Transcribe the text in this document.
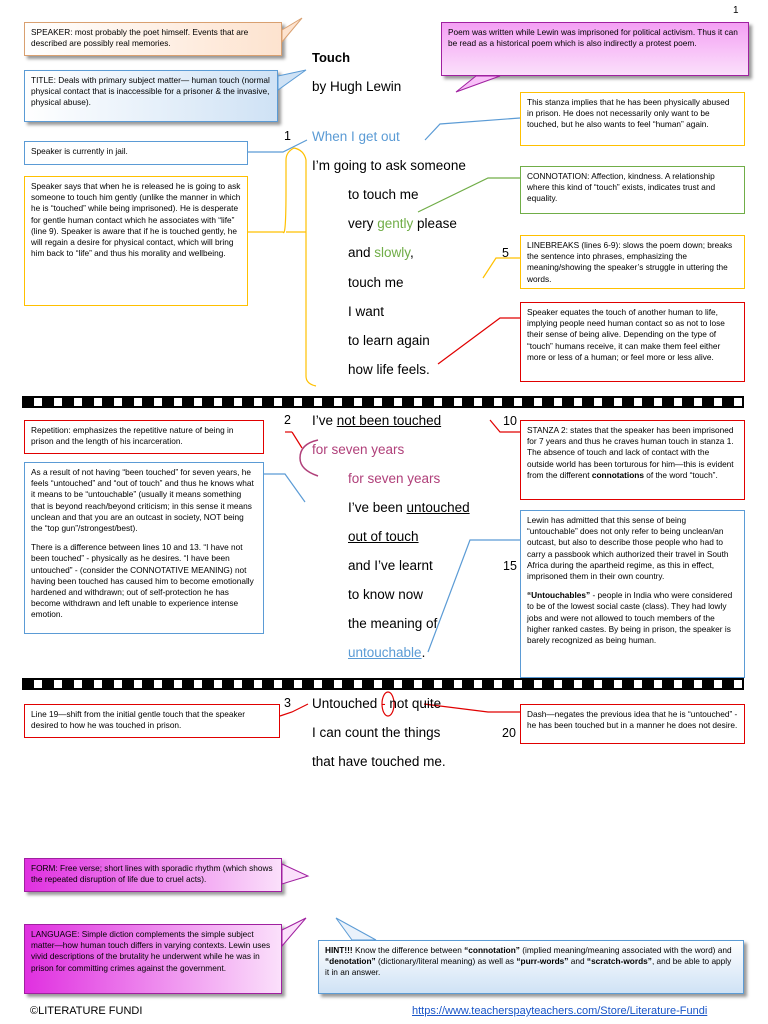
1
SPEAKER: most probably the poet himself. Events that are described are possibly real memories.
TITLE: Deals with primary subject matter— human touch (normal physical contact that is inaccessible for a prisoner & the invasive, physical abuse).
Poem was written while Lewin was imprisoned for political activism. Thus it can be read as a historical poem which is also indirectly a protest poem.
Touch
by Hugh Lewin
1 When I get out
I’m going to ask someone
to touch me
very gently please
and slowly,	5
touch me
I want
to learn again
how life feels.
Speaker is currently in jail.
Speaker says that when he is released he is going to ask someone to touch him gently (unlike the manner in which he is “touched” while being imprisoned). He is desperate for gentle human contact which he associates with “life” (line 9). Speaker is aware that if he is touched gently, he will regain a desire for physical contact, which will bring him back to “life” and thus his morality and wellbeing.
This stanza implies that he has been physically abused in prison. He does not necessarily only want to be touched, but he also wants to feel “human” again.
CONNOTATION: Affection, kindness. A relationship where this kind of “touch” exists, indicates trust and equality.
LINEBREAKS (lines 6-9): slows the poem down; breaks the sentence into phrases, emphasizing the meaning/showing the speaker’s struggle in uttering the words.
Speaker equates the touch of another human to life, implying people need human contact so as not to lose their sense of being alive. Depending on the type of “touch” humans receive, it can make them feel either more or less of a human; or feel more or less alive.
2 I’ve not been touched	10
for seven years
for seven years
I’ve been untouched
out of touch
and I’ve learnt	15
to know now
the meaning of
untouchable.
Repetition: emphasizes the repetitive nature of being in prison and the length of his incarceration.

As a result of not having “been touched” for seven years, he feels “untouched” and “out of touch” and thus he knows what it means to be “untouchable” (usually it means something that is beyond reach/beyond criticism; in this sense it means unclean and that you are an outcast in society, NOT being the “top gun”/strongest/best).

There is a difference between lines 10 and 13. “I have not been touched” - physically as he desires. “I have been untouched” - (consider the CONNOTATIVE MEANING) not having been touched has caused him to become emotionally hardened and withdrawn; out of self-protection he has become withdrawn and left unable to experience intense emotion.

STANZA 2: states that the speaker has been imprisoned for 7 years and thus he craves human touch in stanza 1. The absence of touch and lack of contact with the outside world has been torturous for him—this is evident from the different connotations of the word “touch”.

Lewin has admitted that this sense of being “untouchable” does not only refer to being unclean/an outcast, but also to describe those people who had to carry a passbook which authorized their travel in South Africa during the apartheid regime, as this in effect, imprisoned them in their own country.

“Untouchables” - people in India who were considered to be of the lowest social caste (class). They had lowly jobs and were not allowed to touch members of the higher ranked castes. By being in prison, the speaker is barely recognized as being human.

3 Untouched - not quite
I can count the things	20
that have touched me.
Line 19—shift from the initial gentle touch that the speaker desired to how he was touched in prison.
Dash—negates the previous idea that he is “untouched” - he has been touched but in a manner he does not desire.
FORM: Free verse; short lines with sporadic rhythm (which shows the repeated disruption of life due to cruel acts).
LANGUAGE: Simple diction complements the simple subject matter—how human touch differs in varying contexts. Lewin uses vivid descriptions of the brutality he underwent while he was in prison for committing crimes against the government.
HINT!!! Know the difference between “connotation” (implied meaning/meaning associated with the word) and “denotation” (dictionary/literal meaning) as well as “purr-words” and “scratch-words”, and be able to apply it in an answer.
©LITERATURE FUNDI	https://www.teacherspayteachers.com/Store/Literature-Fundi
